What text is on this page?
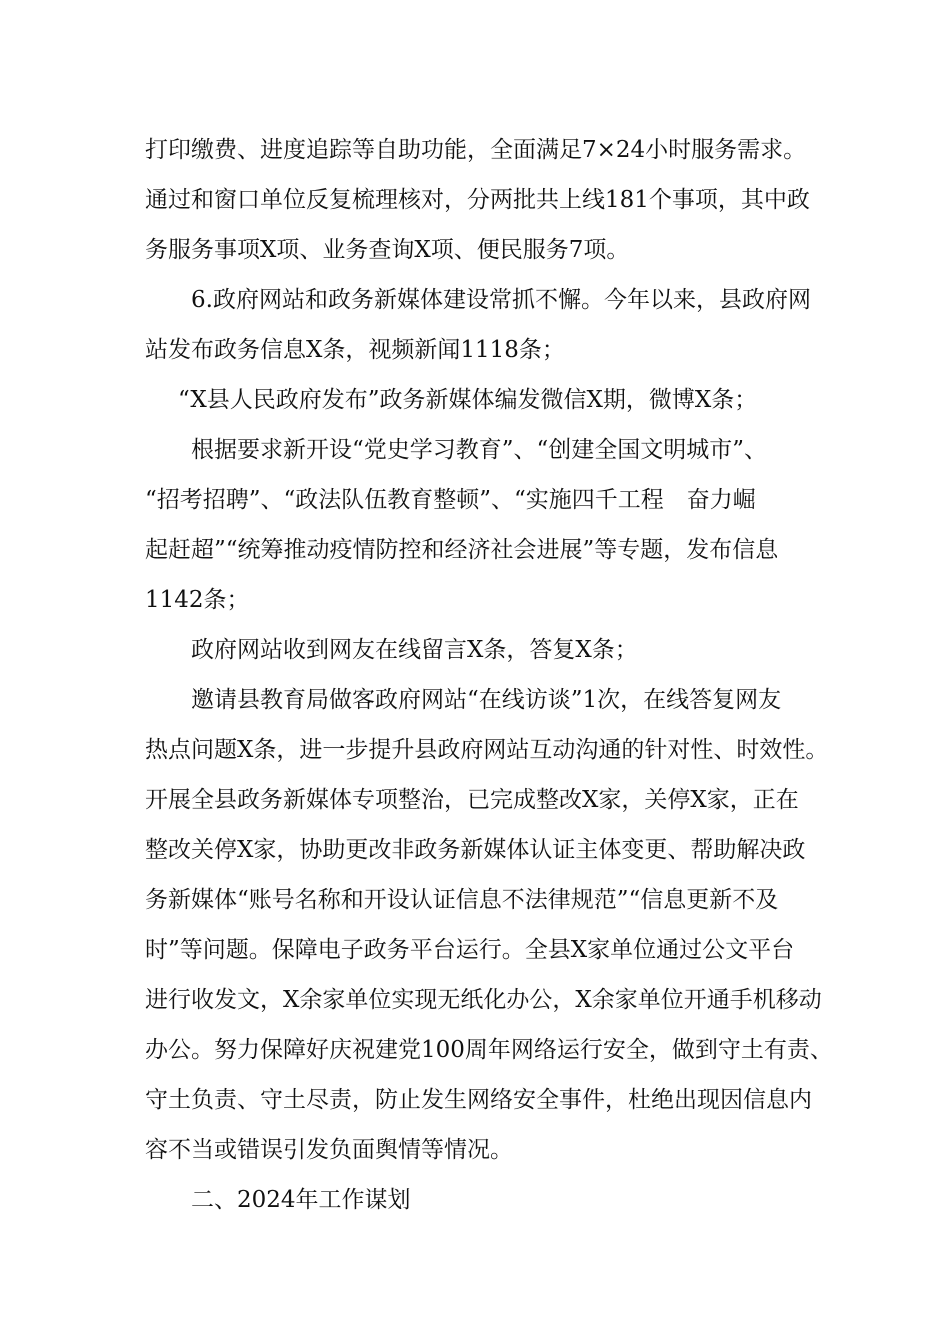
打印缴费、进度追踪等自助功能，全面满足7×24小时服务需求。
通过和窗口单位反复梳理核对，分两批共上线181个事项，其中政
务服务事项X项、业务查询X项、便民服务7项。
6.政府网站和政务新媒体建设常抓不懈。今年以来，县政府网
站发布政务信息X条，视频新闻1118条；
“X县人民政府发布”政务新媒体编发微信X期，微博X条；
根据要求新开设“党史学习教育”、“创建全国文明城市”、
“招考招聘”、“政法队伍教育整顿”、“实施四千工程　奋力崛
起赶超”“统筹推动疫情防控和经济社会进展”等专题，发布信息
1142条；
政府网站收到网友在线留言X条，答复X条；
邀请县教育局做客政府网站“在线访谈”1次，在线答复网友
热点问题X条，进一步提升县政府网站互动沟通的针对性、时效性。
开展全县政务新媒体专项整治，已完成整改X家，关停X家，正在
整改关停X家，协助更改非政务新媒体认证主体变更、帮助解决政
务新媒体“账号名称和开设认证信息不法律规范”“信息更新不及
时”等问题。保障电子政务平台运行。全县X家单位通过公文平台
进行收发文，X余家单位实现无纸化办公，X余家单位开通手机移动
办公。努力保障好庆祝建党100周年网络运行安全，做到守土有责、
守土负责、守土尽责，防止发生网络安全事件，杜绝出现因信息内
容不当或错误引发负面舆情等情况。
二、2024年工作谋划
